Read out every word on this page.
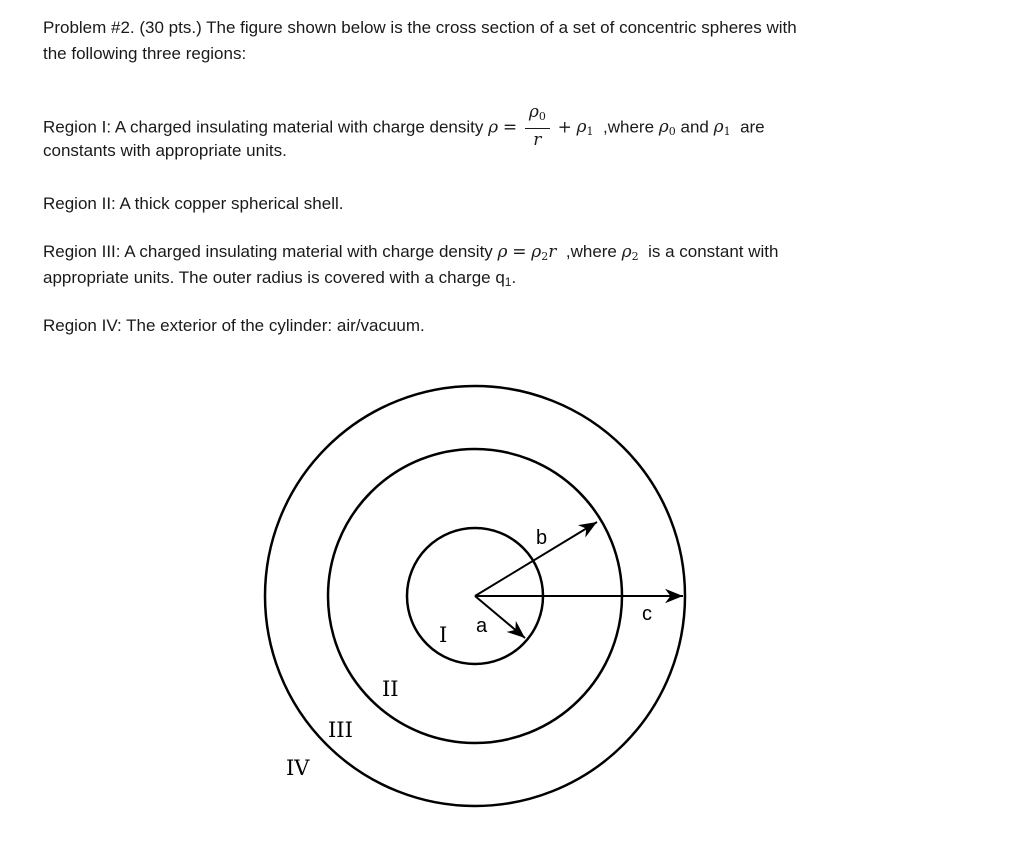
Problem #2. (30 pts.) The figure shown below is the cross section of a set of concentric spheres with
the following three regions:
Region I: A charged insulating material with charge density $\rho = \frac{\rho_0}{r} + \rho_1$ ,where $\rho_0$ and $\rho_1$ are
constants with appropriate units.
Region II: A thick copper spherical shell.
Region III: A charged insulating material with charge density $\rho = \rho_2r$ ,where $\rho_2$ is a constant with
appropriate units. The outer radius is covered with a charge $q_1$.
Region IV: The exterior of the cylinder: air/vacuum.
a
b
c
I
II
III
IV
